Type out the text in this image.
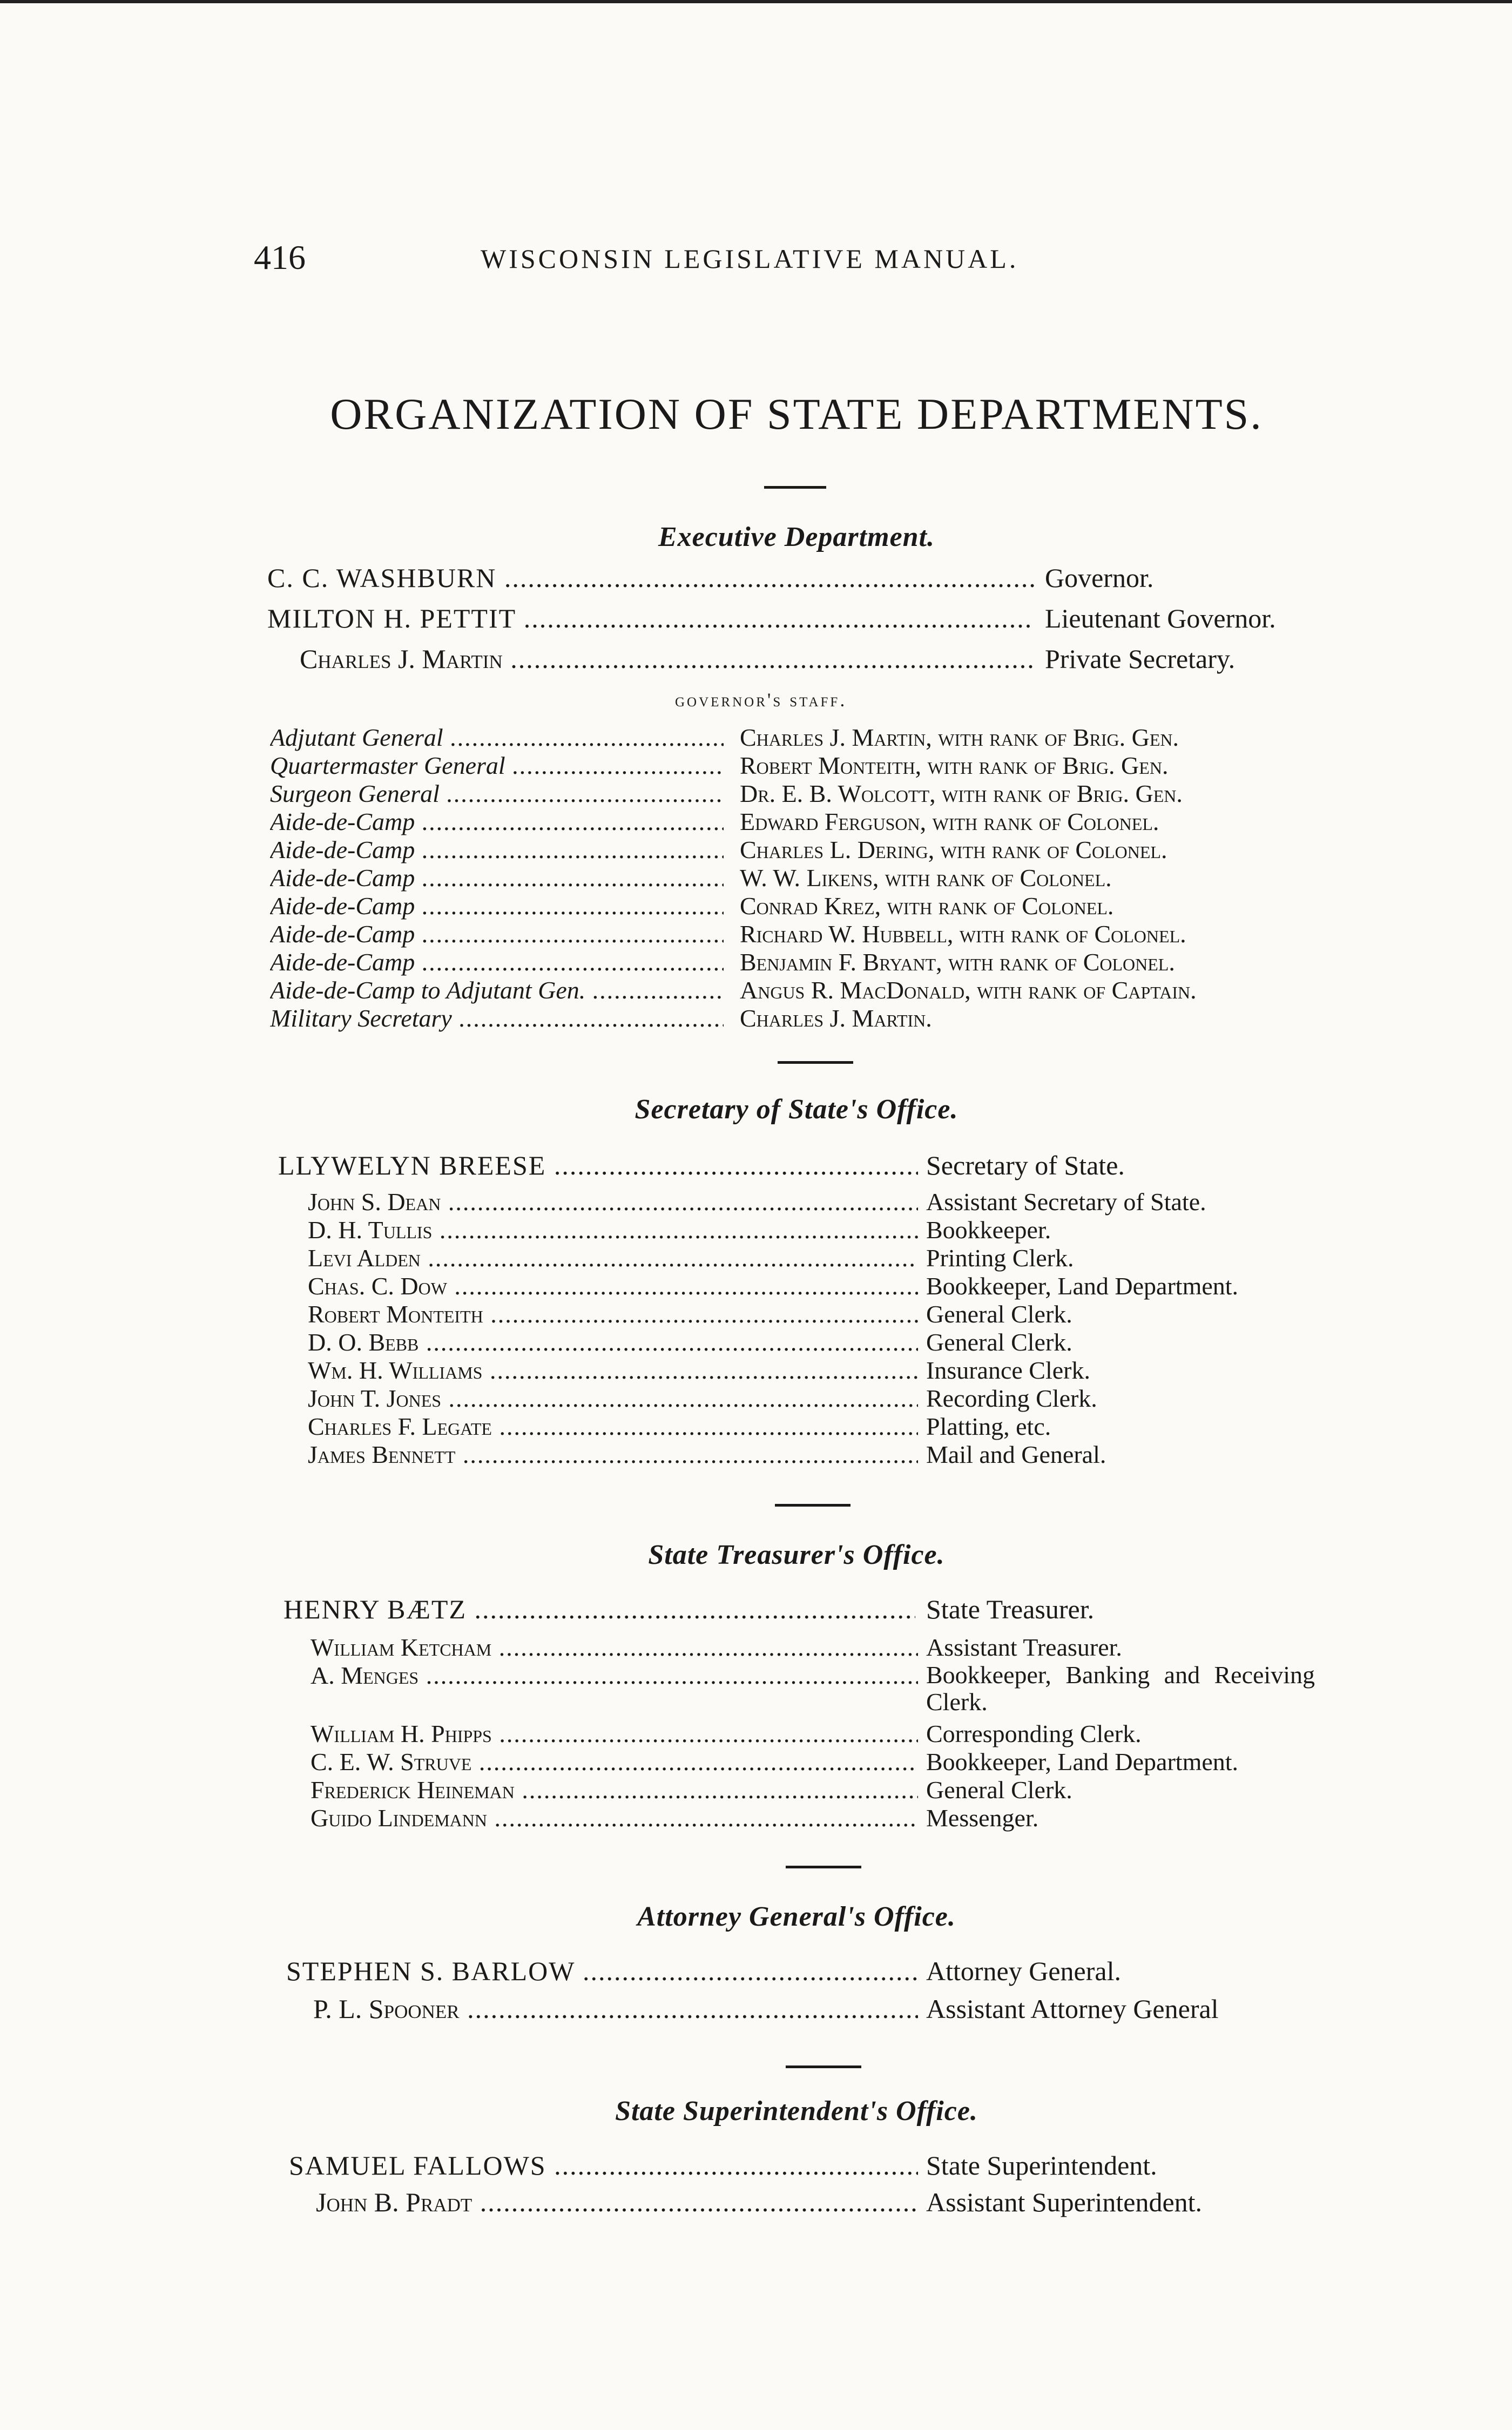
416	WISCONSIN LEGISLATIVE MANUAL.
ORGANIZATION OF STATE DEPARTMENTS.
Executive Department.
C. C. WASHBURN .....	Governor.
MILTON H. PETTIT .....	Lieutenant Governor.
Charles J. Martin .....	Private Secretary.
governor's staff.
Adjutant General .....	Charles J. Martin, with rank of Brig. Gen.
Quartermaster General .....	Robert Monteith, with rank of Brig. Gen.
Surgeon General .....	Dr. E. B. Wolcott, with rank of Brig. Gen.
Aide-de-Camp .....	Edward Ferguson, with rank of Colonel.
Aide-de-Camp .....	Charles L. Dering, with rank of Colonel.
Aide-de-Camp .....	W. W. Likens, with rank of Colonel.
Aide-de-Camp .....	Conrad Krez, with rank of Colonel.
Aide-de-Camp .....	Richard W. Hubbell, with rank of Colonel.
Aide-de-Camp .....	Benjamin F. Bryant, with rank of Colonel.
Aide-de-Camp to Adjutant Gen. .....	Angus R. MacDonald, with rank of Captain.
Military Secretary .....	Charles J. Martin.
Secretary of State's Office.
LLYWELYN BREESE .....	Secretary of State.
John S. Dean .....	Assistant Secretary of State.
D. H. Tullis .....	Bookkeeper.
Levi Alden .....	Printing Clerk.
Chas. C. Dow .....	Bookkeeper, Land Department.
Robert Monteith .....	General Clerk.
D. O. Bebb .....	General Clerk.
Wm. H. Williams .....	Insurance Clerk.
John T. Jones .....	Recording Clerk.
Charles F. Legate .....	Platting, etc.
James Bennett .....	Mail and General.
State Treasurer's Office.
HENRY BÆTZ .....	State Treasurer.
William Ketcham .....	Assistant Treasurer.
A. Menges .....	Bookkeeper, Banking and Receiving Clerk.
William H. Phipps .....	Corresponding Clerk.
C. E. W. Struve .....	Bookkeeper, Land Department.
Frederick Heineman .....	General Clerk.
Guido Lindemann .....	Messenger.
Attorney General's Office.
STEPHEN S. BARLOW .....	Attorney General.
P. L. Spooner .....	Assistant Attorney General
State Superintendent's Office.
SAMUEL FALLOWS .....	State Superintendent.
John B. Pradt .....	Assistant Superintendent.
